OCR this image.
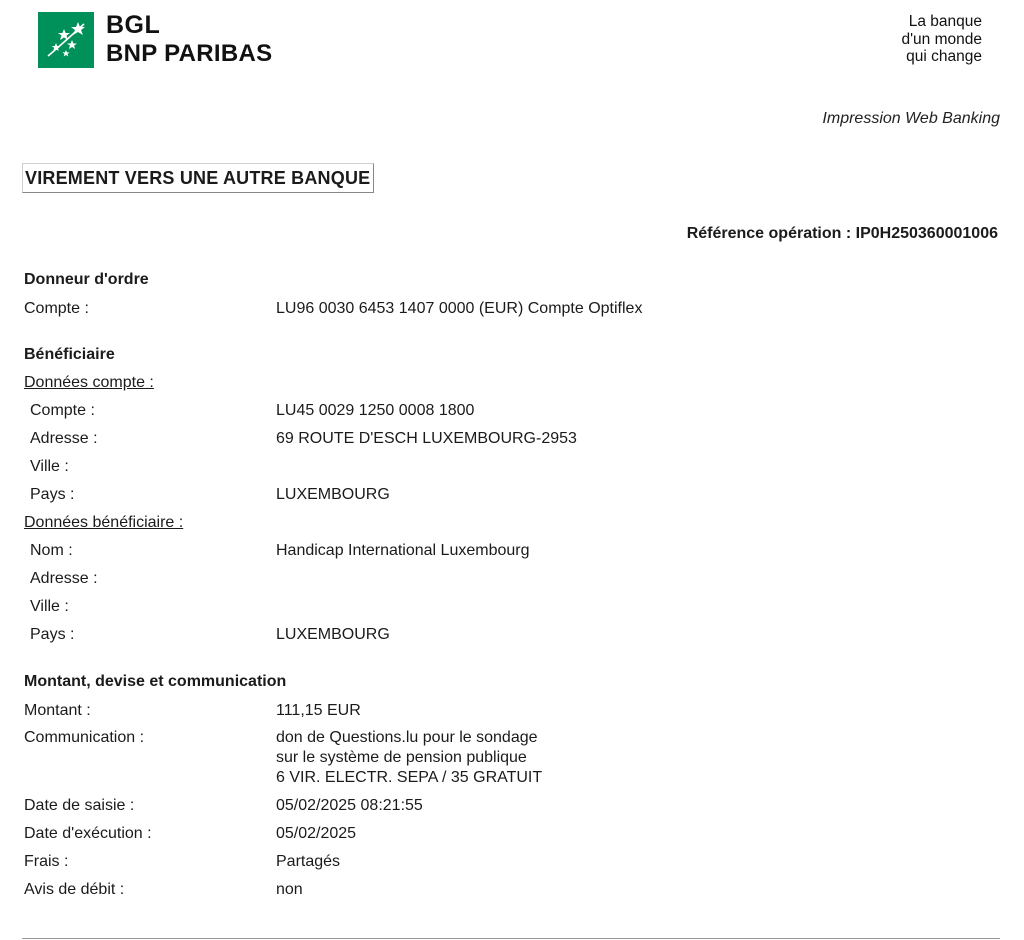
BGL
BNP PARIBAS
La banque
d'un monde
qui change
Impression Web Banking
VIREMENT VERS UNE AUTRE BANQUE
Référence opération : IP0H250360001006
Donneur d'ordre
Compte :	LU96 0030 6453 1407 0000 (EUR) Compte Optiflex
Bénéficiaire
Données compte :
Compte :	LU45 0029 1250 0008 1800
Adresse :	69 ROUTE D'ESCH LUXEMBOURG-2953
Ville :
Pays :	LUXEMBOURG
Données bénéficiaire :
Nom :	Handicap International Luxembourg
Adresse :
Ville :
Pays :	LUXEMBOURG
Montant, devise et communication
Montant :	111,15 EUR
Communication :	don de Questions.lu pour le sondage
sur le système de pension publique
6 VIR. ELECTR. SEPA / 35 GRATUIT
Date de saisie :	05/02/2025 08:21:55
Date d'exécution :	05/02/2025
Frais :	Partagés
Avis de débit :	non
